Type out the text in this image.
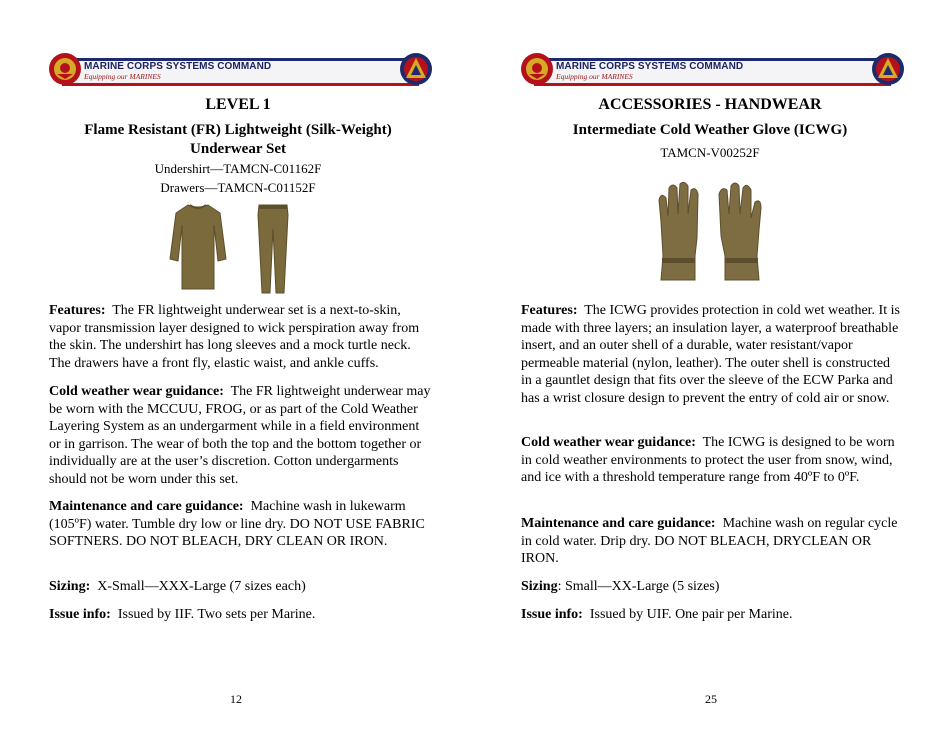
MARINE CORPS SYSTEMS COMMAND
Equipping our MARINES
LEVEL 1
Flame Resistant (FR) Lightweight (Silk-Weight) Underwear Set
Undershirt—TAMCN-C01162F
Drawers—TAMCN-C01152F

Features: The FR lightweight underwear set is a next-to-skin, vapor transmission layer designed to wick perspiration away from the skin. The undershirt has long sleeves and a mock turtle neck. The drawers have a front fly, elastic waist, and ankle cuffs.

Cold weather wear guidance: The FR lightweight underwear may be worn with the MCCUU, FROG, or as part of the Cold Weather Layering System as an undergarment while in a field environment or in garrison. The wear of both the top and the bottom together or individually are at the user’s discretion. Cotton undergarments should not be worn under this set.

Maintenance and care guidance: Machine wash in lukewarm (105ºF) water. Tumble dry low or line dry. DO NOT USE FABRIC SOFTNERS. DO NOT BLEACH, DRY CLEAN OR IRON.

Sizing: X-Small—XXX-Large (7 sizes each)

Issue info: Issued by IIF. Two sets per Marine.

12
MARINE CORPS SYSTEMS COMMAND
Equipping our MARINES
ACCESSORIES - HANDWEAR
Intermediate Cold Weather Glove (ICWG)
TAMCN-V00252F

Features: The ICWG provides protection in cold wet weather. It is made with three layers; an insulation layer, a waterproof breathable insert, and an outer shell of a durable, water resistant/vapor permeable material (nylon, leather). The outer shell is constructed in a gauntlet design that fits over the sleeve of the ECW Parka and has a wrist closure design to prevent the entry of cold air or snow.

Cold weather wear guidance: The ICWG is designed to be worn in cold weather environments to protect the user from snow, wind, and ice with a threshold temperature range from 40ºF to 0ºF.

Maintenance and care guidance: Machine wash on regular cycle in cold water. Drip dry. DO NOT BLEACH, DRYCLEAN OR IRON.

Sizing: Small—XX-Large (5 sizes)

Issue info: Issued by UIF. One pair per Marine.

25
